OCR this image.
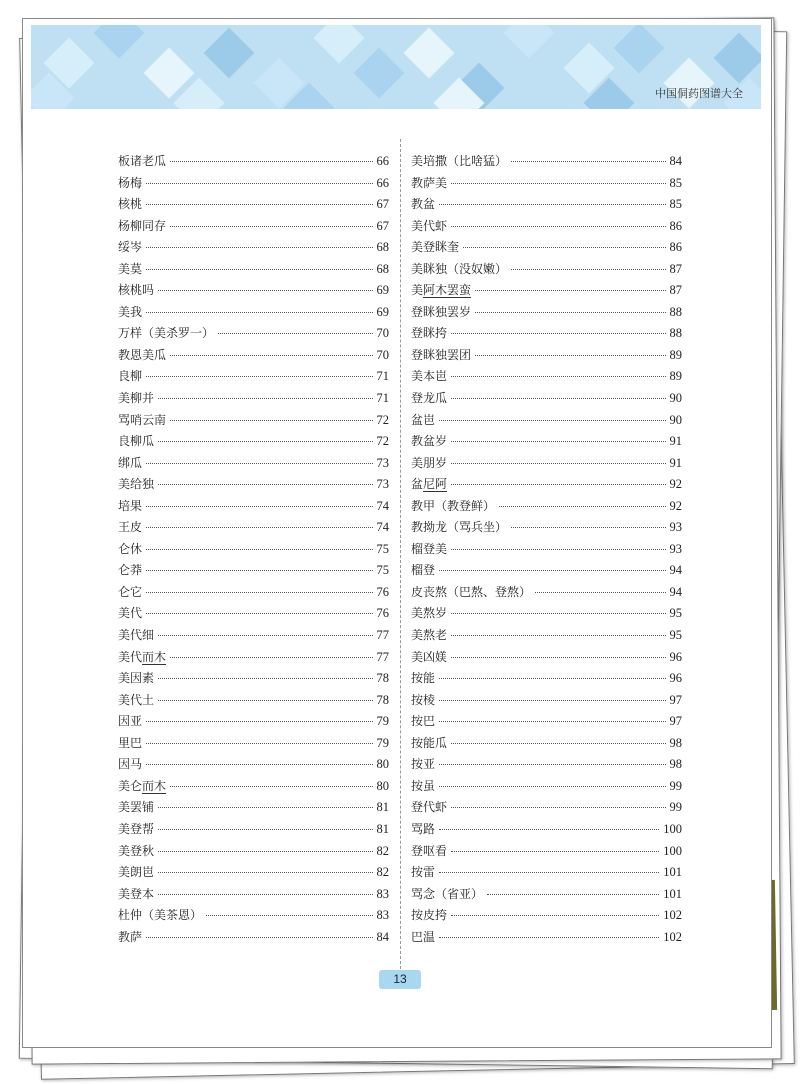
中国侗药图谱大全
板诸老瓜	66
杨梅	66
核桃	67
杨柳同存	67
绥岑	68
美莫	68
核桃吗	69
美我	69
万样（美杀罗一）	70
教恩美瓜	70
良柳	71
美柳并	71
骂哨云南	72
良柳瓜	72
绑瓜	73
美给独	73
培果	74
王皮	74
仑休	75
仑莽	75
仑它	76
美代	76
美代细	77
美代而木	77
美因素	78
美代土	78
因亚	79
里巴	79
因马	80
美仑而木	80
美罢铺	81
美登帮	81
美登秋	82
美朗岜	82
美登本	83
杜仲（美茶恩）	83
教萨	84
美培撒（比啥猛）	84
教萨美	85
教盆	85
美代虾	86
美登眯奎	86
美眯独（没奴嫩）	87
美阿木罢蛮	87
登眯独罢岁	88
登眯挎	88
登眯独罢团	89
美本岜	89
登龙瓜	90
盆岜	90
教盆岁	91
美朋岁	91
盆尼阿	92
教甲（教登鲜）	92
教拗龙（骂兵坐）	93
榴登美	93
榴登	94
皮丧熬（巴熬、登熬）	94
美熬岁	95
美熬老	95
美凶媄	96
按能	96
按棱	97
按巴	97
按能瓜	98
按亚	98
按虽	99
登代虾	99
骂路	100
登呕看	100
按雷	101
骂念（省亚）	101
按皮挎	102
巴温	102
13
